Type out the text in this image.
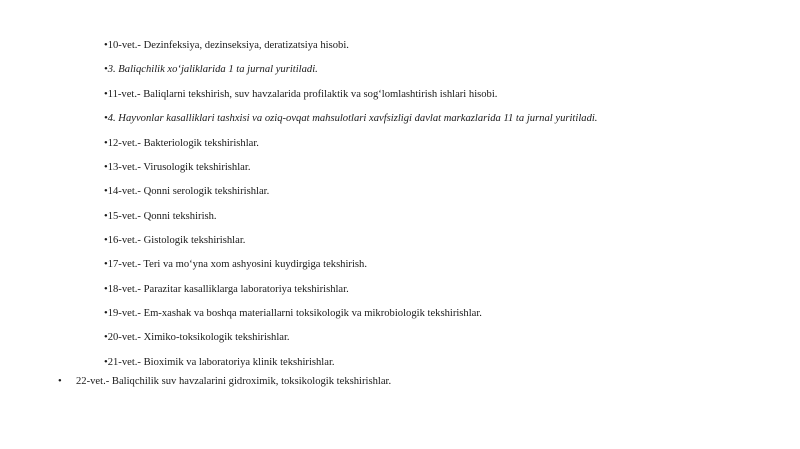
•10-vet.- Dezinfeksiya, dezinseksiya, deratizatsiya hisobi.
•3. Baliqchilik xo‘jaliklarida 1 ta jurnal yuritiladi.
•11-vet.- Baliqlarni tekshirish, suv havzalarida profilaktik va sog‘lomlashtirish ishlari hisobi.
•4. Hayvonlar kasalliklari tashxisi va oziq-ovqat mahsulotlari xavfsizligi davlat markazlarida 11 ta jurnal yuritiladi.
•12-vet.- Bakteriologik tekshirishlar.
•13-vet.- Virusologik tekshirishlar.
•14-vet.- Qonni serologik tekshirishlar.
•15-vet.- Qonni tekshirish.
•16-vet.- Gistologik tekshirishlar.
•17-vet.- Teri va mo‘yna xom ashyosini kuydirgiga tekshirish.
•18-vet.- Parazitar kasalliklarga laboratoriya tekshirishlar.
•19-vet.- Em-xashak va boshqa materiallarni toksikologik va mikrobiologik tekshirishlar.
•20-vet.- Ximiko-toksikologik tekshirishlar.
•21-vet.- Bioximik va laboratoriya klinik tekshirishlar.
• 22-vet.- Baliqchilik suv havzalarini gidroximik, toksikologik tekshirishlar.
